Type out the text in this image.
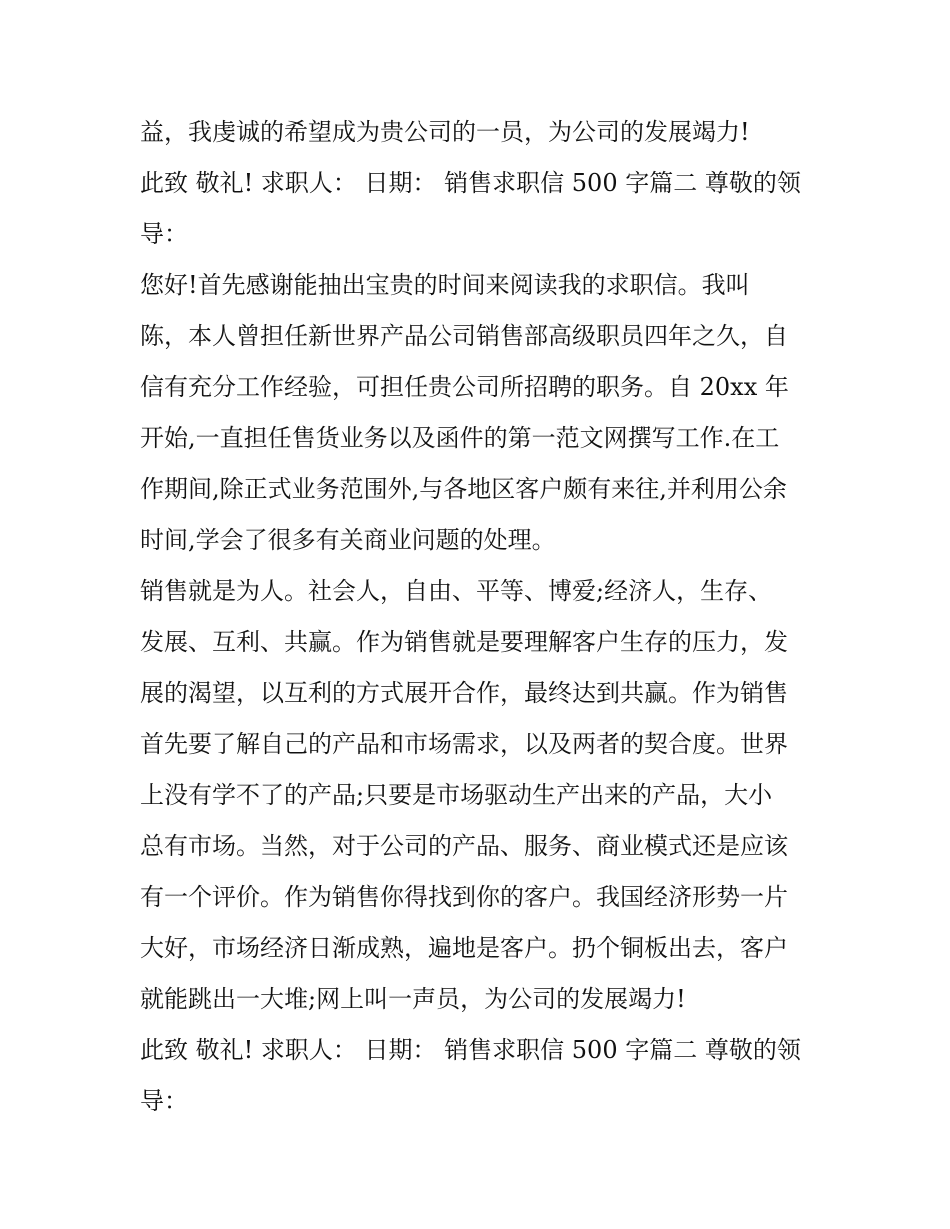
益，我虔诚的希望成为贵公司的一员，为公司的发展竭力!
此致 敬礼! 求职人： 日期： 销售求职信 500 字篇二 尊敬的领
导：
您好!首先感谢能抽出宝贵的时间来阅读我的求职信。我叫
陈，本人曾担任新世界产品公司销售部高级职员四年之久，自
信有充分工作经验，可担任贵公司所招聘的职务。自 20xx 年
开始,一直担任售货业务以及函件的第一范文网撰写工作.在工
作期间,除正式业务范围外,与各地区客户颇有来往,并利用公余
时间,学会了很多有关商业问题的处理。
销售就是为人。社会人，自由、平等、博爱;经济人，生存、
发展、互利、共赢。作为销售就是要理解客户生存的压力，发
展的渴望，以互利的方式展开合作，最终达到共赢。作为销售
首先要了解自己的产品和市场需求，以及两者的契合度。世界
上没有学不了的产品;只要是市场驱动生产出来的产品，大小
总有市场。当然，对于公司的产品、服务、商业模式还是应该
有一个评价。作为销售你得找到你的客户。我国经济形势一片
大好，市场经济日渐成熟，遍地是客户。扔个铜板出去，客户
就能跳出一大堆;网上叫一声员，为公司的发展竭力!
此致 敬礼! 求职人： 日期： 销售求职信 500 字篇二 尊敬的领
导：
